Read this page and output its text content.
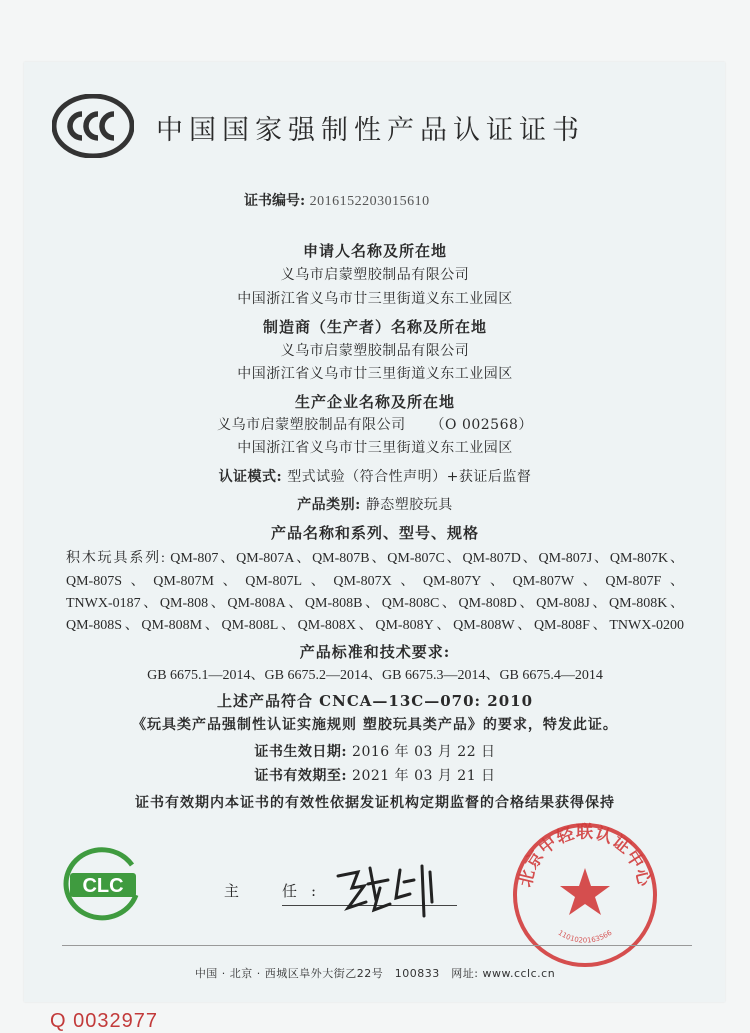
中国国家强制性产品认证证书
证书编号: 2016152203015610
申请人名称及所在地
义乌市启蒙塑胶制品有限公司
中国浙江省义乌市廿三里街道义东工业园区
制造商（生产者）名称及所在地
义乌市启蒙塑胶制品有限公司
中国浙江省义乌市廿三里街道义东工业园区
生产企业名称及所在地
义乌市启蒙塑胶制品有限公司 （O 002568）
中国浙江省义乌市廿三里街道义东工业园区
认证模式: 型式试验（符合性声明）+获证后监督
产品类别: 静态塑胶玩具
产品名称和系列、型号、规格
积木玩具系列: QM-807、QM-807A、QM-807B、QM-807C、QM-807D、QM-807J、QM-807K、
QM-807S、QM-807M、QM-807L、QM-807X、QM-807Y、QM-807W、QM-807F、
TNWX-0187、QM-808、QM-808A、QM-808B、QM-808C、QM-808D、QM-808J、QM-808K、
QM-808S、QM-808M、QM-808L、QM-808X、QM-808Y、QM-808W、QM-808F、TNWX-0200
产品标准和技术要求:
GB 6675.1—2014、GB 6675.2—2014、GB 6675.3—2014、GB 6675.4—2014
上述产品符合 CNCA—13C—070: 2010
《玩具类产品强制性认证实施规则 塑胶玩具类产品》的要求，特发此证。
证书生效日期: 2016 年 03 月 22 日
证书有效期至: 2021 年 03 月 21 日
证书有效期内本证书的有效性依据发证机构定期监督的合格结果获得保持
CLC	主　任:
北京中轻联认证中心
1101020163566
中国 · 北京 · 西城区阜外大街乙22号　100833　网址: www.cclc.cn
Q 0032977
